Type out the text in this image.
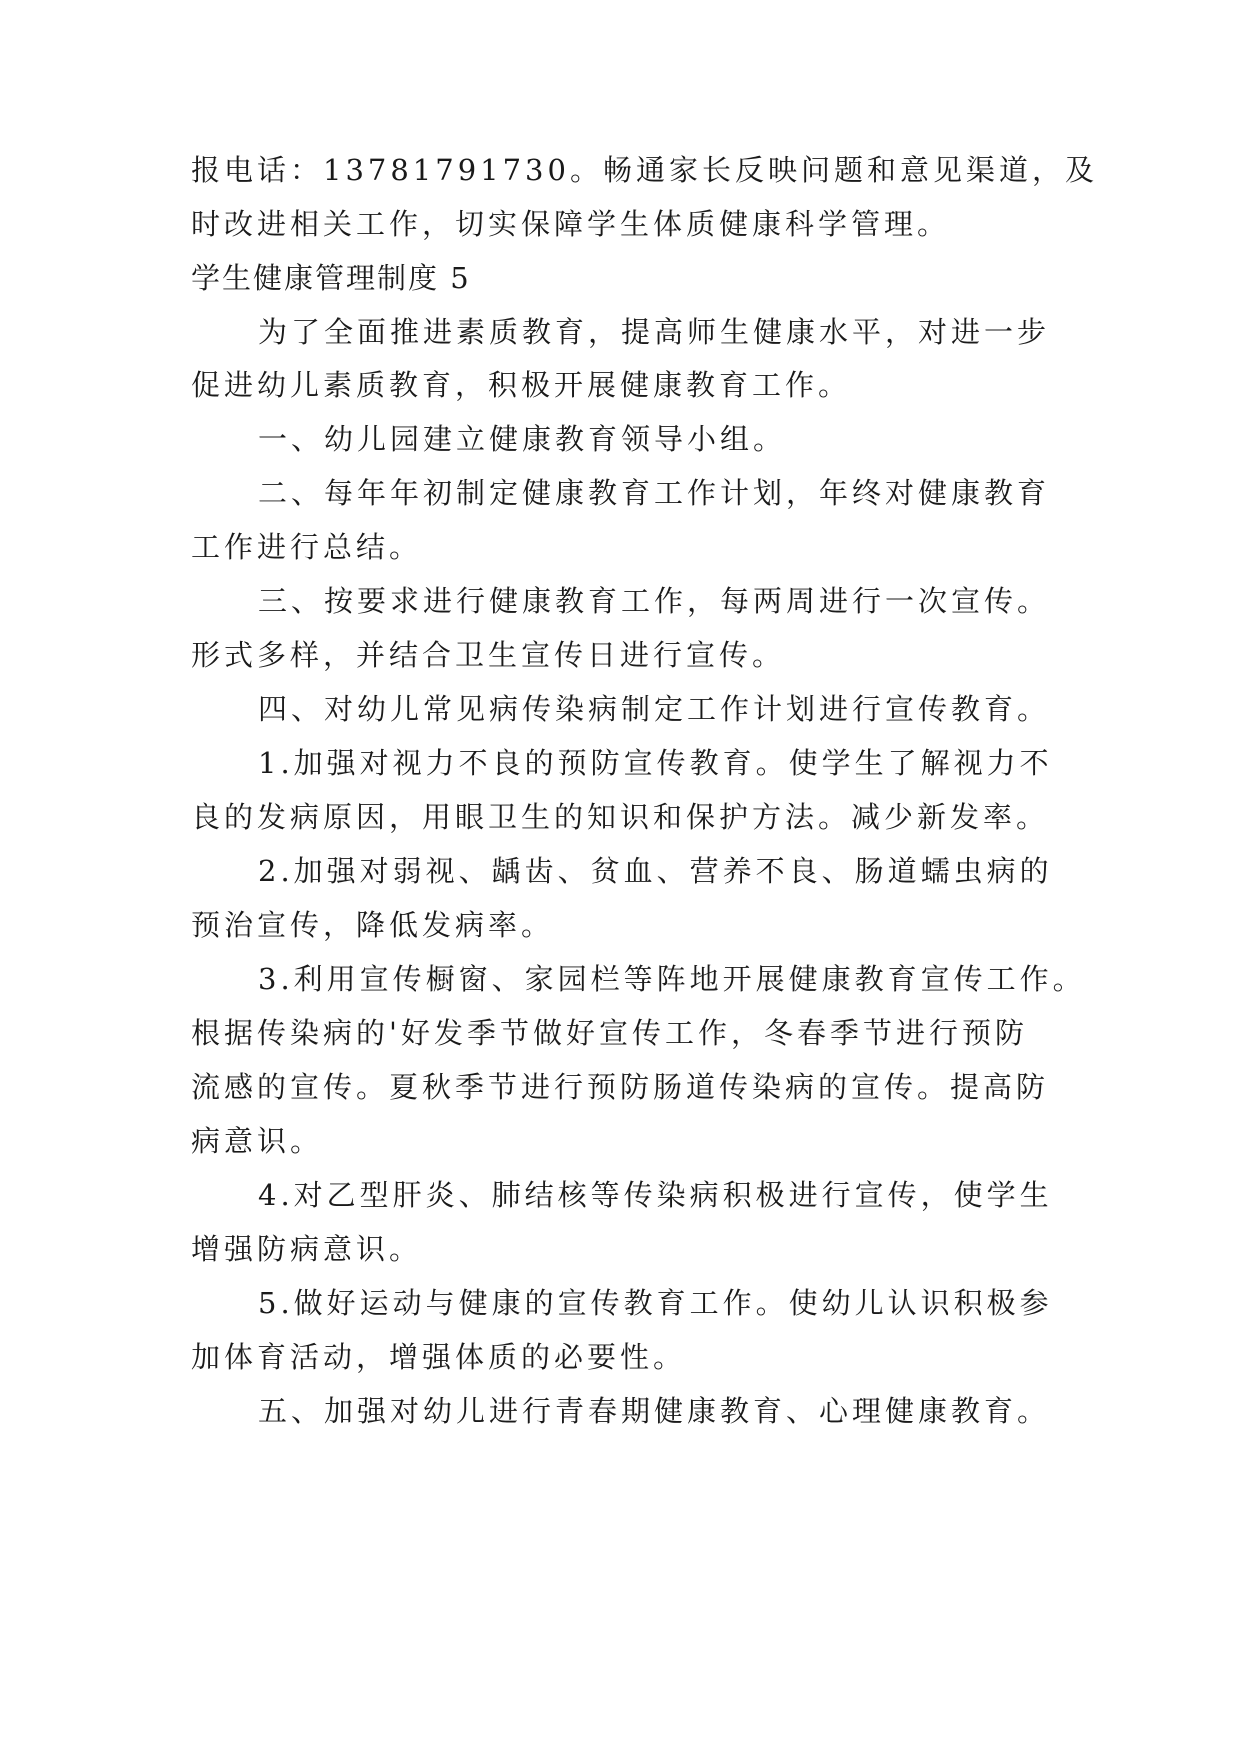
报电话：13781791730。畅通家长反映问题和意见渠道，及
时改进相关工作，切实保障学生体质健康科学管理。
学生健康管理制度 5
为了全面推进素质教育，提高师生健康水平，对进一步
促进幼儿素质教育，积极开展健康教育工作。
一、幼儿园建立健康教育领导小组。
二、每年年初制定健康教育工作计划，年终对健康教育
工作进行总结。
三、按要求进行健康教育工作，每两周进行一次宣传。
形式多样，并结合卫生宣传日进行宣传。
四、对幼儿常见病传染病制定工作计划进行宣传教育。
1.加强对视力不良的预防宣传教育。使学生了解视力不
良的发病原因，用眼卫生的知识和保护方法。减少新发率。
2.加强对弱视、龋齿、贫血、营养不良、肠道蠕虫病的
预治宣传，降低发病率。
3.利用宣传橱窗、家园栏等阵地开展健康教育宣传工作。
根据传染病的'好发季节做好宣传工作，冬春季节进行预防
流感的宣传。夏秋季节进行预防肠道传染病的宣传。提高防
病意识。
4.对乙型肝炎、肺结核等传染病积极进行宣传，使学生
增强防病意识。
5.做好运动与健康的宣传教育工作。使幼儿认识积极参
加体育活动，增强体质的必要性。
五、加强对幼儿进行青春期健康教育、心理健康教育。
